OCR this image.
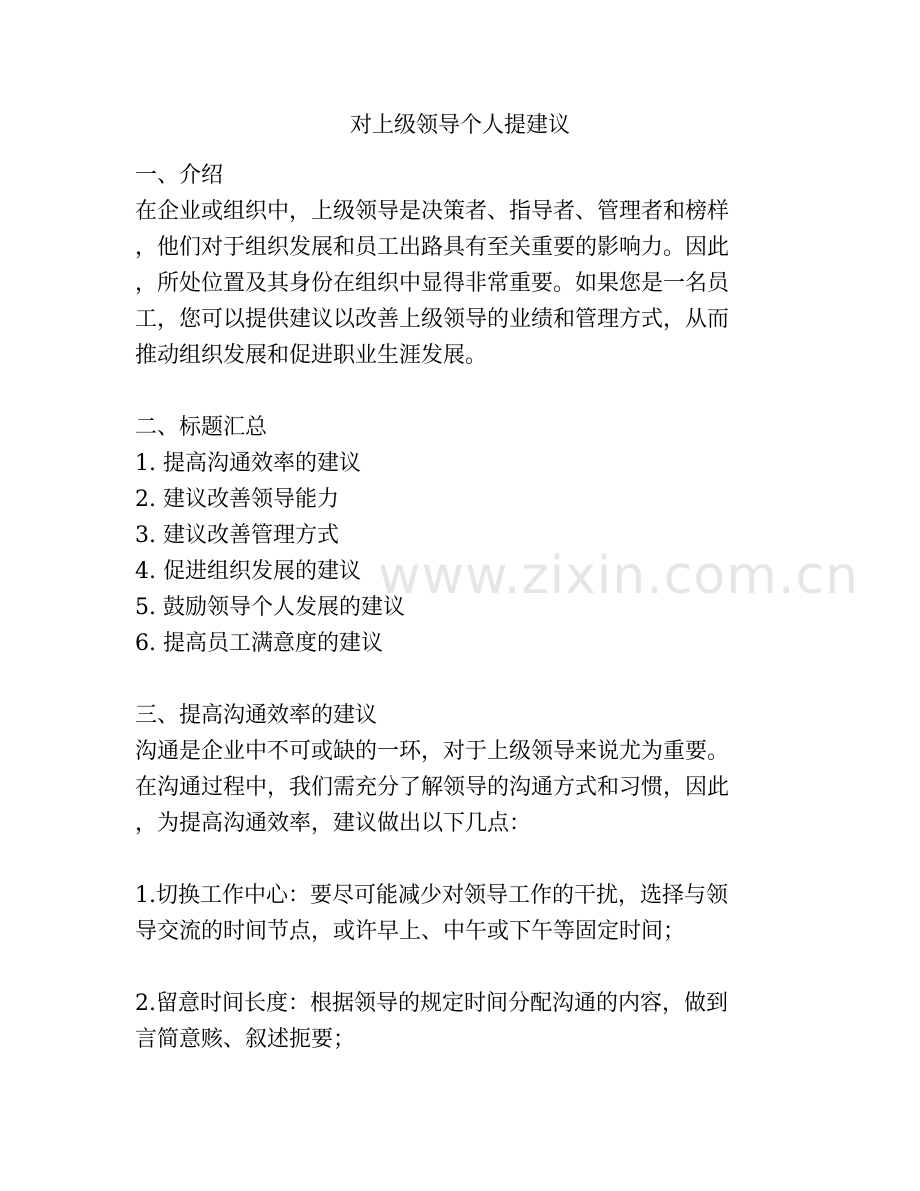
www.zixin.com.cn
对上级领导个人提建议
一、介绍
在企业或组织中，上级领导是决策者、指导者、管理者和榜样
，他们对于组织发展和员工出路具有至关重要的影响力。因此
，所处位置及其身份在组织中显得非常重要。如果您是一名员
工，您可以提供建议以改善上级领导的业绩和管理方式，从而
推动组织发展和促进职业生涯发展。
二、标题汇总
1. 提高沟通效率的建议
2. 建议改善领导能力
3. 建议改善管理方式
4. 促进组织发展的建议
5. 鼓励领导个人发展的建议
6. 提高员工满意度的建议
三、提高沟通效率的建议
沟通是企业中不可或缺的一环，对于上级领导来说尤为重要。
在沟通过程中，我们需充分了解领导的沟通方式和习惯，因此
，为提高沟通效率，建议做出以下几点：
1.切换工作中心：要尽可能减少对领导工作的干扰，选择与领
导交流的时间节点，或许早上、中午或下午等固定时间；
2.留意时间长度：根据领导的规定时间分配沟通的内容，做到
言简意赅、叙述扼要；
